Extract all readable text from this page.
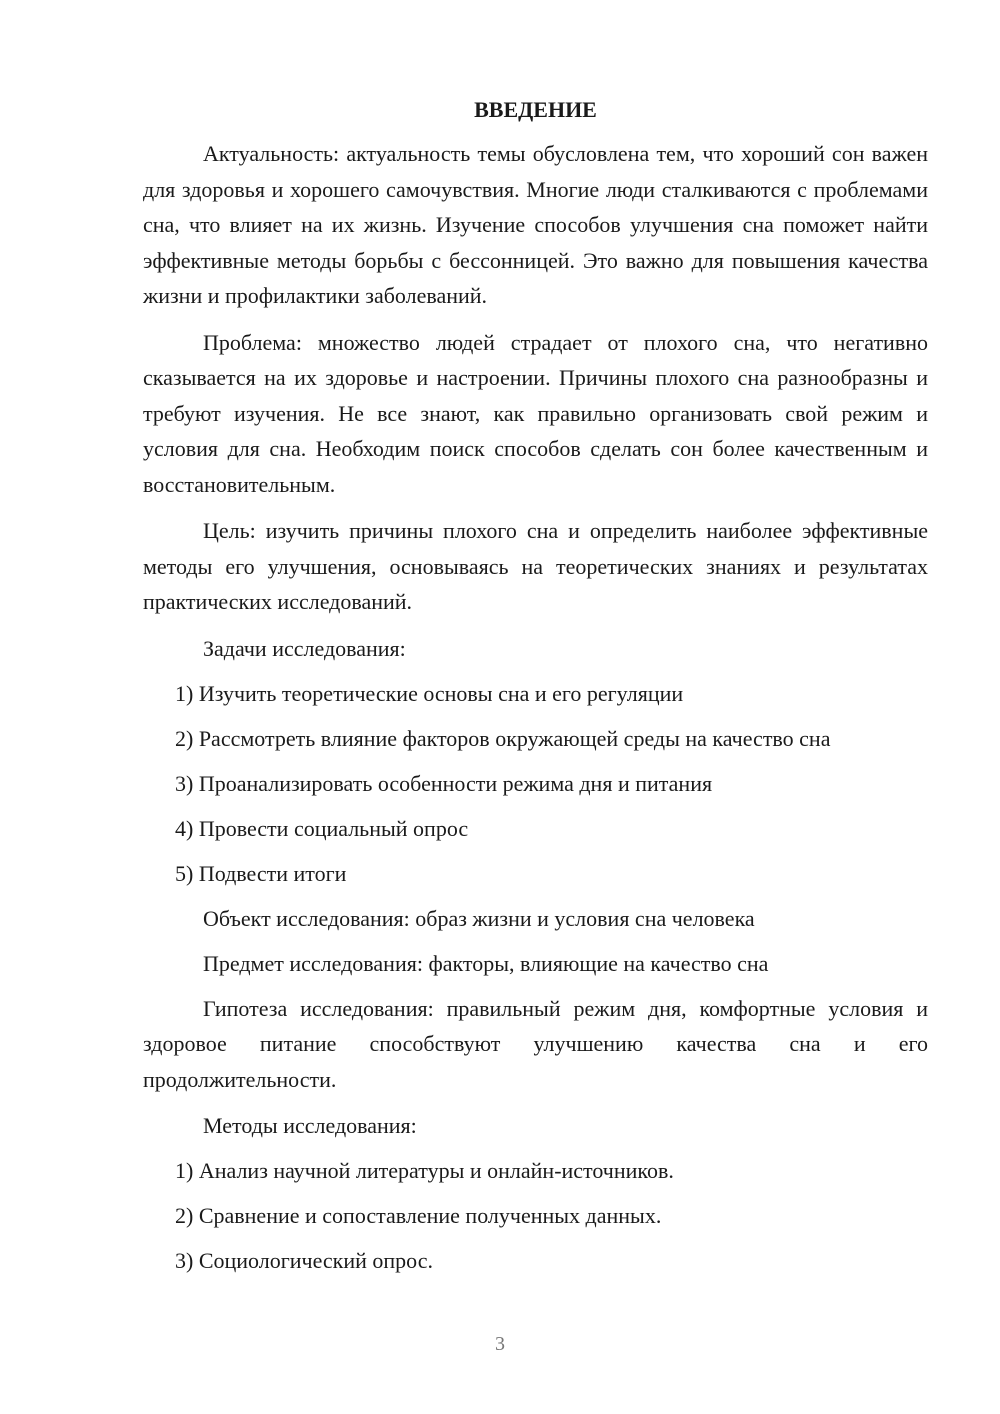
ВВЕДЕНИЕ

Актуальность: актуальность темы обусловлена тем, что хороший сон важен для здоровья и хорошего самочувствия. Многие люди сталкиваются с проблемами сна, что влияет на их жизнь. Изучение способов улучшения сна поможет найти эффективные методы борьбы с бессонницей. Это важно для повышения качества жизни и профилактики заболеваний.

Проблема: множество людей страдает от плохого сна, что негативно сказывается на их здоровье и настроении. Причины плохого сна разнообразны и требуют изучения. Не все знают, как правильно организовать свой режим и условия для сна. Необходим поиск способов сделать сон более качественным и восстановительным.

Цель: изучить причины плохого сна и определить наиболее эффективные методы его улучшения, основываясь на теоретических знаниях и результатах практических исследований.

Задачи исследования:
1) Изучить теоретические основы сна и его регуляции
2) Рассмотреть влияние факторов окружающей среды на качество сна
3) Проанализировать особенности режима дня и питания
4) Провести социальный опрос
5) Подвести итоги
Объект исследования: образ жизни и условия сна человека
Предмет исследования: факторы, влияющие на качество сна

Гипотеза исследования: правильный режим дня, комфортные условия и здоровое питание способствуют улучшению качества сна и его продолжительности.

Методы исследования:
1) Анализ научной литературы и онлайн-источников.
2) Сравнение и сопоставление полученных данных.
3) Социологический опрос.
3
